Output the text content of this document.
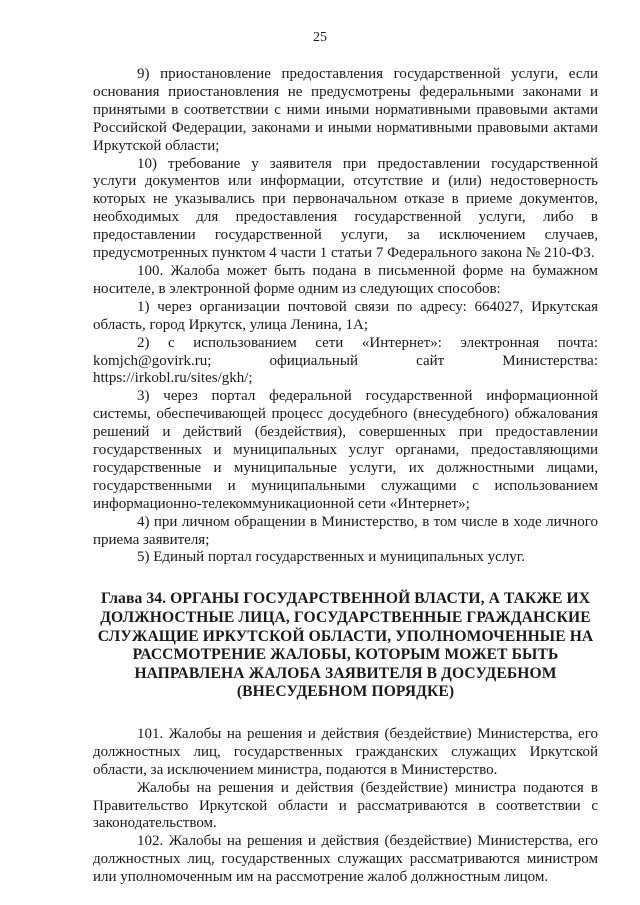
25

9) приостановление предоставления государственной услуги, если основания приостановления не предусмотрены федеральными законами и принятыми в соответствии с ними иными нормативными правовыми актами Российской Федерации, законами и иными нормативными правовыми актами Иркутской области;

10) требование у заявителя при предоставлении государственной услуги документов или информации, отсутствие и (или) недостоверность которых не указывались при первоначальном отказе в приеме документов, необходимых для предоставления государственной услуги, либо в предоставлении государственной услуги, за исключением случаев, предусмотренных пунктом 4 части 1 статьи 7 Федерального закона № 210-ФЗ.

100. Жалоба может быть подана в письменной форме на бумажном носителе, в электронной форме одним из следующих способов:

1) через организации почтовой связи по адресу: 664027, Иркутская область, город Иркутск, улица Ленина, 1А;

2) с использованием сети «Интернет»: электронная почта: komjch@govirk.ru; официальный сайт Министерства: https://irkobl.ru/sites/gkh/;

3) через портал федеральной государственной информационной системы, обеспечивающей процесс досудебного (внесудебного) обжалования решений и действий (бездействия), совершенных при предоставлении государственных и муниципальных услуг органами, предоставляющими государственные и муниципальные услуги, их должностными лицами, государственными и муниципальными служащими с использованием информационно-телекоммуникационной сети «Интернет»;

4) при личном обращении в Министерство, в том числе в ходе личного приема заявителя;

5) Единый портал государственных и муниципальных услуг.

Глава 34. ОРГАНЫ ГОСУДАРСТВЕННОЙ ВЛАСТИ, А ТАКЖЕ ИХ
ДОЛЖНОСТНЫЕ ЛИЦА, ГОСУДАРСТВЕННЫЕ ГРАЖДАНСКИЕ
СЛУЖАЩИЕ ИРКУТСКОЙ ОБЛАСТИ, УПОЛНОМОЧЕННЫЕ НА
РАССМОТРЕНИЕ ЖАЛОБЫ, КОТОРЫМ МОЖЕТ БЫТЬ
НАПРАВЛЕНА ЖАЛОБА ЗАЯВИТЕЛЯ В ДОСУДЕБНОМ
(ВНЕСУДЕБНОМ ПОРЯДКЕ)

101. Жалобы на решения и действия (бездействие) Министерства, его должностных лиц, государственных гражданских служащих Иркутской области, за исключением министра, подаются в Министерство.

Жалобы на решения и действия (бездействие) министра подаются в Правительство Иркутской области и рассматриваются в соответствии с законодательством.

102. Жалобы на решения и действия (бездействие) Министерства, его должностных лиц, государственных служащих рассматриваются министром или уполномоченным им на рассмотрение жалоб должностным лицом.
